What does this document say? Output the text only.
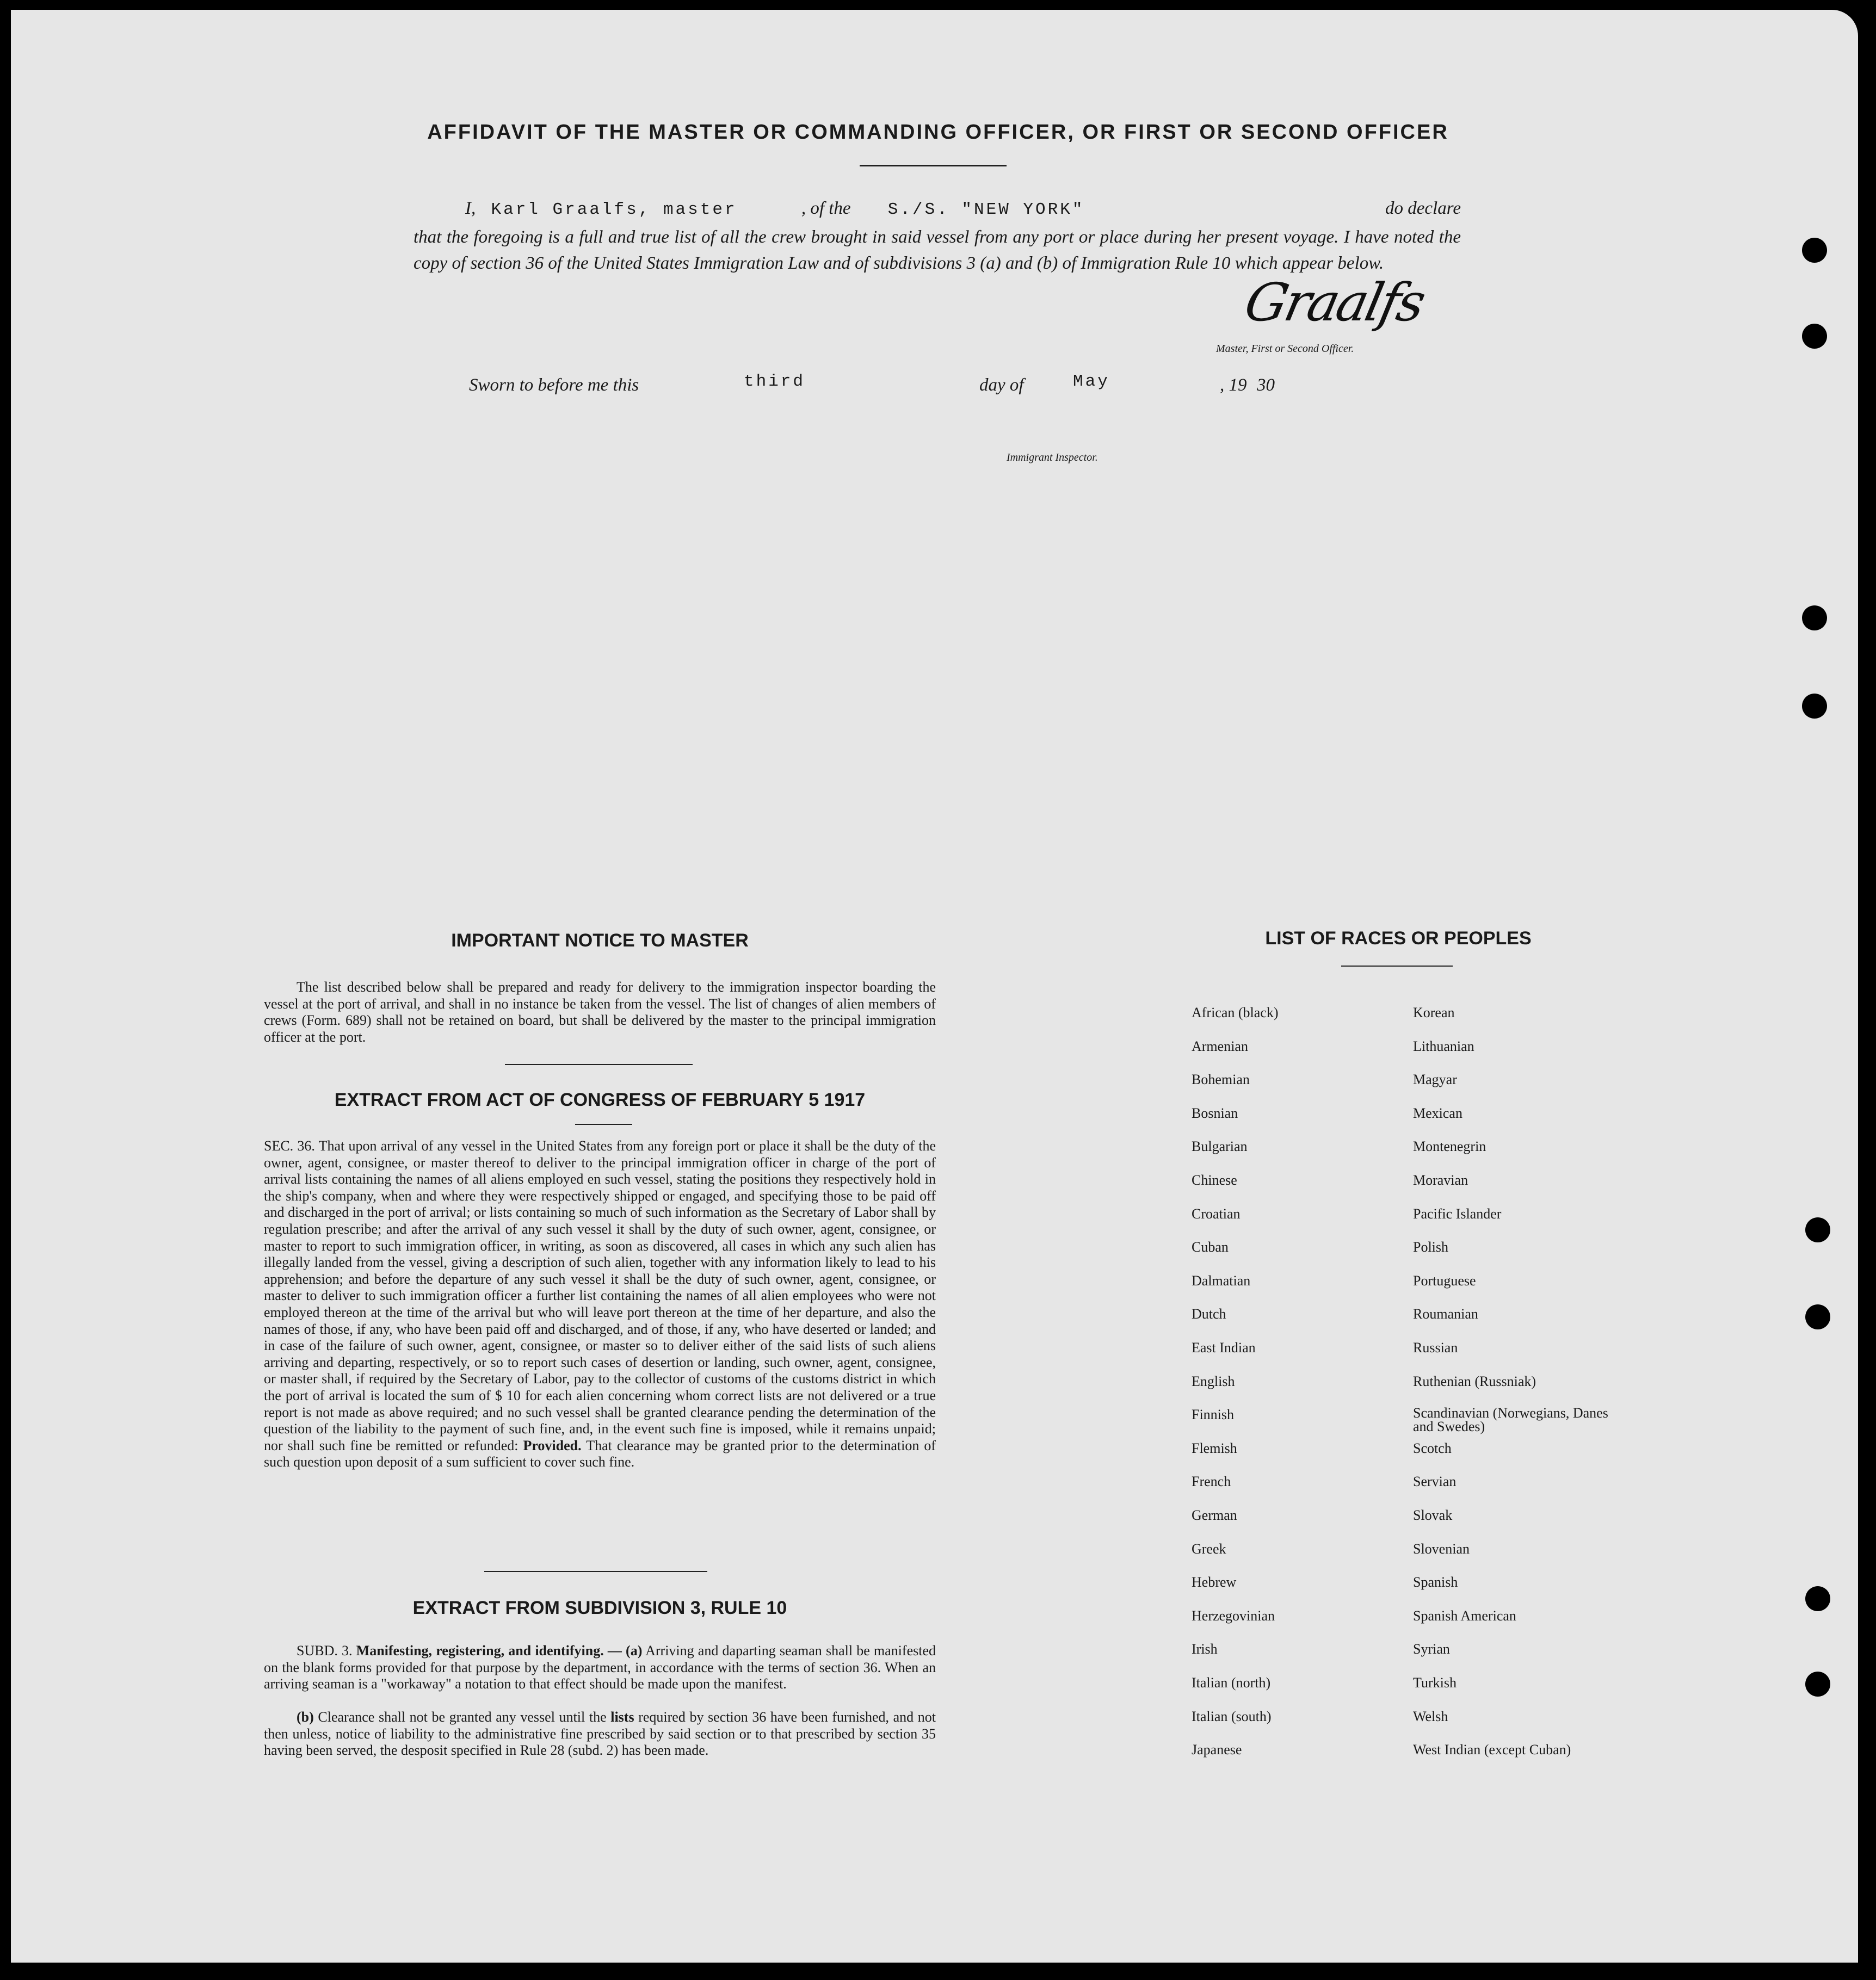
AFFIDAVIT OF THE MASTER OR COMMANDING OFFICER, OR FIRST OR SECOND OFFICER
I, Karl Graalfs, master	, of the S./S. "NEW YORK"	do declare
that the foregoing is a full and true list of all the crew brought in said vessel from any port or place during her present voyage. I have noted the copy of section 36 of the United States Immigration Law and of subdivisions 3 (a) and (b) of Immigration Rule 10 which appear below.
Graalfs
Master, First or Second Officer.
Sworn to before me this	third	day of	May	, 19 30
Immigrant Inspector.
IMPORTANT NOTICE TO MASTER
The list described below shall be prepared and ready for delivery to the immigration inspector boarding the vessel at the port of arrival, and shall in no instance be taken from the vessel. The list of changes of alien members of crews (Form. 689) shall not be retained on board, but shall be delivered by the master to the principal immigration officer at the port.
EXTRACT FROM ACT OF CONGRESS OF FEBRUARY 5 1917
SEC. 36. That upon arrival of any vessel in the United States from any foreign port or place it shall be the duty of the owner, agent, consignee, or master thereof to deliver to the principal immigration officer in charge of the port of arrival lists containing the names of all aliens employed en such vessel, stating the positions they respectively hold in the ship's company, when and where they were respectively shipped or engaged, and specifying those to be paid off and discharged in the port of arrival; or lists containing so much of such information as the Secretary of Labor shall by regulation prescribe; and after the arrival of any such vessel it shall by the duty of such owner, agent, consignee, or master to report to such immigration officer, in writing, as soon as discovered, all cases in which any such alien has illegally landed from the vessel, giving a description of such alien, together with any information likely to lead to his apprehension; and before the departure of any such vessel it shall be the duty of such owner, agent, consignee, or master to deliver to such immigration officer a further list containing the names of all alien employees who were not employed thereon at the time of the arrival but who will leave port thereon at the time of her departure, and also the names of those, if any, who have been paid off and discharged, and of those, if any, who have deserted or landed; and in case of the failure of such owner, agent, consignee, or master so to deliver either of the said lists of such aliens arriving and departing, respectively, or so to report such cases of desertion or landing, such owner, agent, consignee, or master shall, if required by the Secretary of Labor, pay to the collector of customs of the customs district in which the port of arrival is located the sum of $ 10 for each alien concerning whom correct lists are not delivered or a true report is not made as above required; and no such vessel shall be granted clearance pending the determination of the question of the liability to the payment of such fine, and, in the event such fine is imposed, while it remains unpaid; nor shall such fine be remitted or refunded: Provided. That clearance may be granted prior to the determination of such question upon deposit of a sum sufficient to cover such fine.
EXTRACT FROM SUBDIVISION 3, RULE 10
SUBD. 3. Manifesting, registering, and identifying. — (a) Arriving and daparting seaman shall be manifested on the blank forms provided for that purpose by the department, in accordance with the terms of section 36. When an arriving seaman is a "workaway" a notation to that effect should be made upon the manifest.
(b) Clearance shall not be granted any vessel until the lists required by section 36 have been furnished, and not then unless, notice of liability to the administrative fine prescribed by said section or to that prescribed by section 35 having been served, the desposit specified in Rule 28 (subd. 2) has been made.
LIST OF RACES OR PEOPLES
African (black)
Armenian
Bohemian
Bosnian
Bulgarian
Chinese
Croatian
Cuban
Dalmatian
Dutch
East Indian
English
Finnish
Flemish
French
German
Greek
Hebrew
Herzegovinian
Irish
Italian (north)
Italian (south)
Japanese
Korean
Lithuanian
Magyar
Mexican
Montenegrin
Moravian
Pacific Islander
Polish
Portuguese
Roumanian
Russian
Ruthenian (Russniak)
Scandinavian (Norwegians, Danes and Swedes)
Scotch
Servian
Slovak
Slovenian
Spanish
Spanish American
Syrian
Turkish
Welsh
West Indian (except Cuban)
